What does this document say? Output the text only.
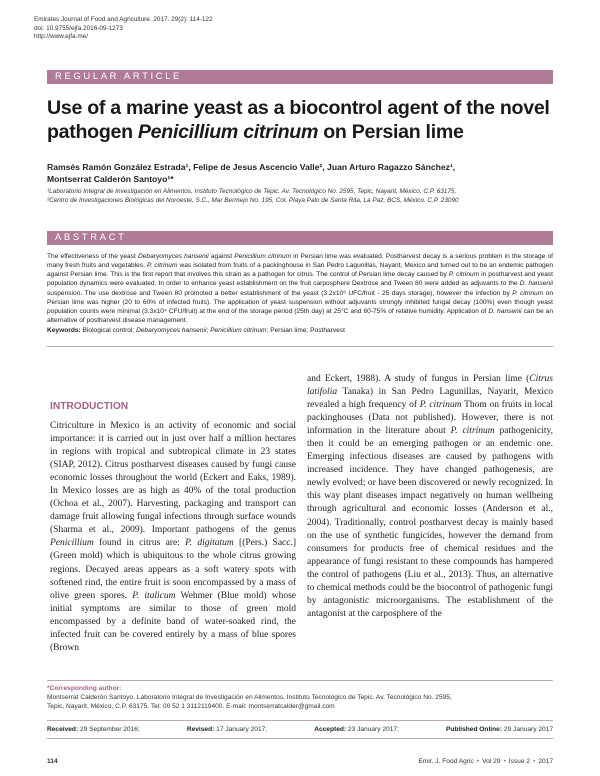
Emirates Journal of Food and Agriculture. 2017. 29(2): 114-122
doi: 10.9755/ejfa.2016-09-1273
http://www.ejfa.me/
REGULAR ARTICLE
Use of a marine yeast as a biocontrol agent of the novel pathogen Penicillium citrinum on Persian lime
Ramsés Ramón González Estrada¹, Felipe de Jesus Ascencio Valle², Juan Arturo Ragazzo Sánchez¹,
Montserrat Calderón Santoyo¹*
¹Laboratorio Integral de Investigación en Alimentos, Instituto Tecnológico de Tepic. Av. Tecnológico No. 2595, Tepic, Nayarit, México, C.P. 63175,
²Centro de Investigaciones Biológicas del Noroeste, S.C., Mar Bermejo No. 195, Col. Playa Palo de Santa Rita, La Paz, BCS, México. C.P. 23090
ABSTRACT
The effectiveness of the yeast Debaryomyces hansenii against Penicillium citrinum in Persian lime was evaluated. Postharvest decay is a serious problem in the storage of many fresh fruits and vegetables. P. citrinum was isolated from fruits of a packinghouse in San Pedro Lagunillas, Nayarit, Mexico and turned out to be an endemic pathogen against Persian lime. This is the first report that involves this strain as a pathogen for citrus. The control of Persian lime decay caused by P. citrinum in postharvest and yeast population dynamics were evaluated. In order to enhance yeast establishment on the fruit carposphere Dextrose and Tween 80 were added as adjuvants to the D. hansenii suspension. The use dextrose and Tween 80 promoted a better establishment of the yeast (3.2x10⁶ UFC/fruit - 25 days storage), however the infection by P. citrinum on Persian lime was higher (20 to 60% of infected fruits). The application of yeast suspension without adjuvants strongly inhibited fungal decay (100%) even though yeast population counts were minimal (3.3x10⁴ CFU/fruit) at the end of the storage period (25th day) at 25°C and 60-75% of relative humidity. Application of D. hansenii can be an alternative of postharvest disease management.
Keywords: Biological control; Debaryomyces hansenii; Penicillium citrinum; Persian lime; Postharvest
INTRODUCTION
Citriculture in Mexico is an activity of economic and social importance: it is carried out in just over half a million hectares in regions with tropical and subtropical climate in 23 states (SIAP, 2012). Citrus postharvest diseases caused by fungi cause economic losses throughout the world (Eckert and Eaks, 1989). In Mexico losses are as high as 40% of the total production (Ochoa et al., 2007). Harvesting, packaging and transport can damage fruit allowing fungal infections through surface wounds (Sharma et al., 2009). Important pathogens of the genus Penicillium found in citrus are: P. digitatum [(Pers.) Sacc.] (Green mold) which is ubiquitous to the whole citrus growing regions. Decayed areas appears as a soft watery spots with softened rind, the entire fruit is soon encompassed by a mass of olive green spores. P. italicum Wehmer (Blue mold) whose initial symptoms are similar to those of green mold encompassed by a definite band of water-soaked rind, the infected fruit can be covered entirely by a mass of blue spores (Brown
and Eckert, 1988). A study of fungus in Persian lime (Citrus latifolia Tanaka) in San Pedro Lagunillas, Nayarit, Mexico revealed a high frequency of P. citrinum Thom on fruits in local packinghouses (Data not published). However, there is not information in the literature about P. citrinum pathogenicity, then it could be an emerging pathogen or an endemic one. Emerging infectious diseases are caused by pathogens with increased incidence. They have changed pathogenesis, are newly evolved; or have been discovered or newly recognized. In this way plant diseases impact negatively on human wellbeing through agricultural and economic losses (Anderson et al., 2004). Traditionally, control postharvest decay is mainly based on the use of synthetic fungicides, however the demand from consumers for products free of chemical residues and the appearance of fungi resistant to these compounds has hampered the control of pathogens (Liu et al., 2013). Thus, an alternative to chemical methods could be the biocontrol of pathogenic fungi by antagonistic microorganisms. The establishment of the antagonist at the carposphere of the
*Corresponding author:
Montserrat Calderón Santoyo, Laboratorio Integral de Investigación en Alimentos, Instituto Tecnológico de Tepic. Av. Tecnológico No. 2595,
Tepic, Nayarit, México, C.P. 63175. Tel: 00 52 1 3112119400. E-mail: montserratcalder@gmail.com
Received: 29 September 2016;	Revised: 17 January 2017;	Accepted: 23 January 2017;	Published Online: 29 January 2017
114	Emir. J. Food Agric • Vol 29 • Issue 2 • 2017
